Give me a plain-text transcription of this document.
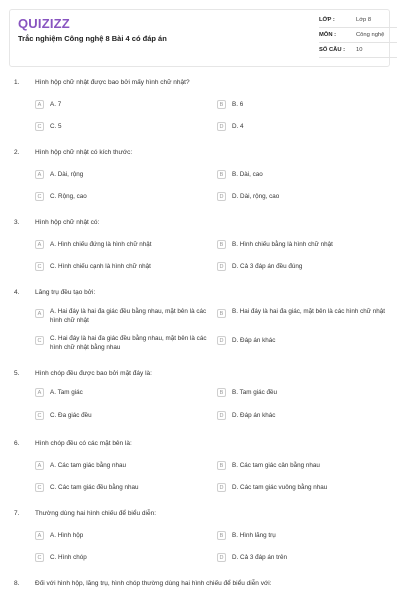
QUIZIZZ
Trắc nghiệm Công nghệ 8 Bài 4 có đáp án
LỚP :	Lớp 8
MÔN :	Công nghệ
SỐ CÂU : 10
1. Hình hộp chữ nhật được bao bởi mấy hình chữ nhật?
A	A. 7	B	B. 6
C	C. 5	D	D. 4
2. Hình hộp chữ nhật có kích thước:
A	A. Dài, rộng	B	B. Dài, cao
C	C. Rộng, cao	D	D. Dài, rộng, cao
3. Hình hộp chữ nhật có:
A	A. Hình chiếu đứng là hình chữ nhật	B	B. Hình chiếu bằng là hình chữ nhật
C	C. Hình chiếu cạnh là hình chữ nhật	D	D. Cả 3 đáp án đều đúng
4. Lăng trụ đều tạo bởi:
A	A. Hai đáy là hai đa giác đều bằng nhau, mặt bên là các hình chữ nhật
B	B. Hai đáy là hai đa giác, mặt bên là các hình chữ nhật
C	C. Hai đáy là hai đa giác đều bằng nhau, mặt bên là các hình chữ nhật bằng nhau
D	D. Đáp án khác
5. Hình chóp đều được bao bởi mặt đáy là:
A	A. Tam giác	B	B. Tam giác đều
C	C. Đa giác đều	D	D. Đáp án khác
6. Hình chóp đều có các mặt bên là:
A	A. Các tam giác bằng nhau	B	B. Các tam giác cân bằng nhau
C	C. Các tam giác đều bằng nhau	D	D. Các tam giác vuông bằng nhau
7. Thường dùng hai hình chiếu để biểu diễn:
A	A. Hình hộp	B	B. Hình lăng trụ
C	C. Hình chóp	D	D. Cả 3 đáp án trên
8. Đối với hình hộp, lăng trụ, hình chóp thường dùng hai hình chiếu để biểu diễn với:
